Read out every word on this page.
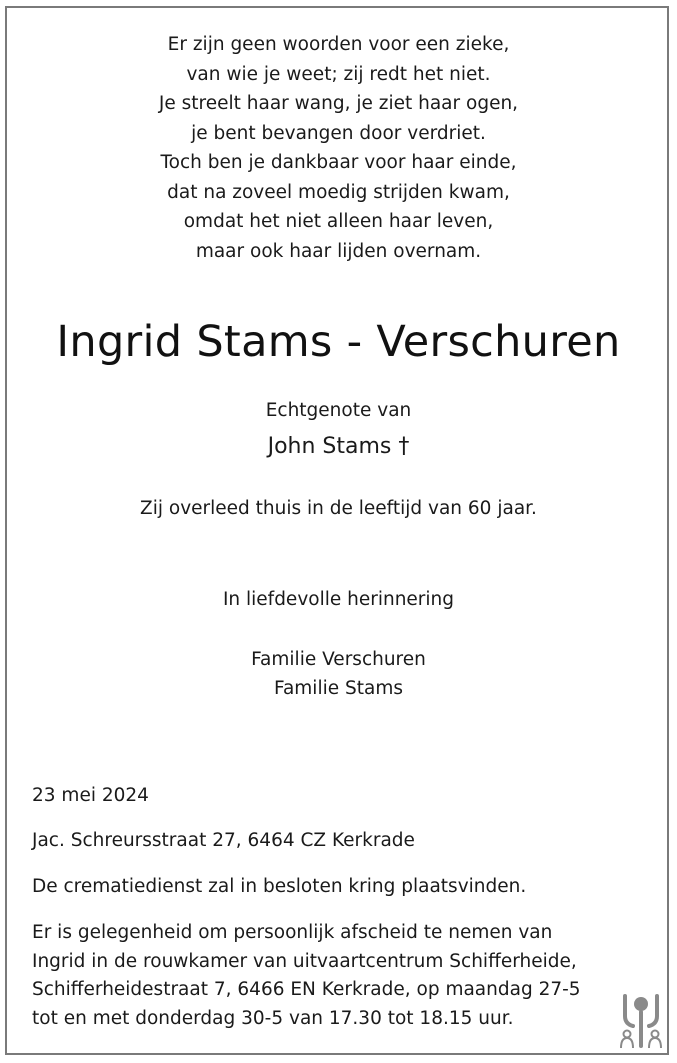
Er zijn geen woorden voor een zieke,
van wie je weet; zij redt het niet.
Je streelt haar wang, je ziet haar ogen,
je bent bevangen door verdriet.
Toch ben je dankbaar voor haar einde,
dat na zoveel moedig strijden kwam,
omdat het niet alleen haar leven,
maar ook haar lijden overnam.
Ingrid Stams - Verschuren
Echtgenote van
John Stams †
Zij overleed thuis in de leeftijd van 60 jaar.
In liefdevolle herinnering
Familie Verschuren
Familie Stams
23 mei 2024
Jac. Schreursstraat 27, 6464 CZ Kerkrade
De crematiedienst zal in besloten kring plaatsvinden.
Er is gelegenheid om persoonlijk afscheid te nemen van
Ingrid in de rouwkamer van uitvaartcentrum Schifferheide,
Schifferheidestraat 7, 6466 EN Kerkrade, op maandag 27-5
tot en met donderdag 30-5 van 17.30 tot 18.15 uur.
